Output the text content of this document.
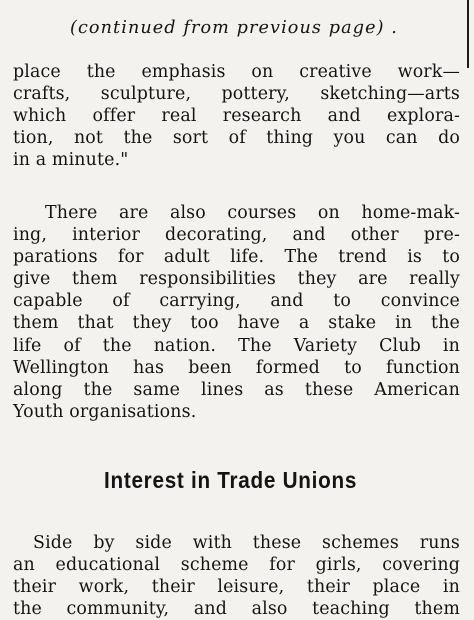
(continued from previous page) .
place the emphasis on creative work—
crafts, sculpture, pottery, sketching—arts
which offer real research and explora-
tion, not the sort of thing you can do
in a minute."
There are also courses on home-mak-
ing, interior decorating, and other pre-
parations for adult life. The trend is to
give them responsibilities they are really
capable of carrying, and to convince
them that they too have a stake in the
life of the nation. The Variety Club in
Wellington has been formed to function
along the same lines as these American
Youth organisations.
Interest in Trade Unions
Side by side with these schemes runs
an educational scheme for girls, covering
their work, their leisure, their place in
the community, and also teaching them
